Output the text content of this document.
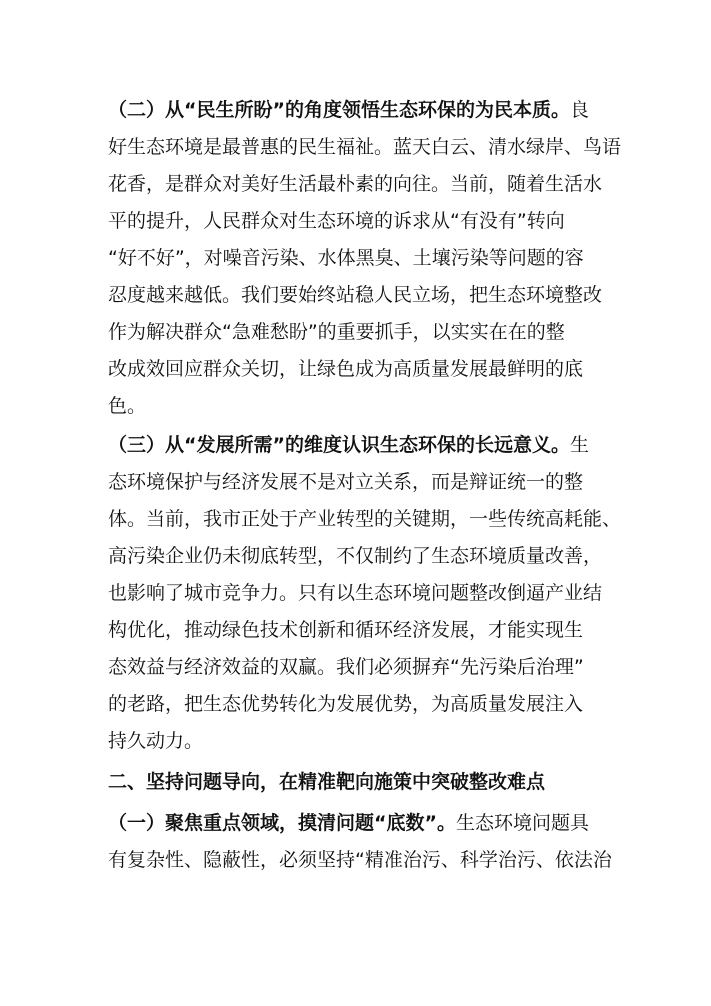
（二）从“民生所盼”的角度领悟生态环保的为民本质。良
好生态环境是最普惠的民生福祉。蓝天白云、清水绿岸、鸟语
花香，是群众对美好生活最朴素的向往。当前，随着生活水
平的提升，人民群众对生态环境的诉求从“有没有”转向
“好不好”，对噪音污染、水体黑臭、土壤污染等问题的容
忍度越来越低。我们要始终站稳人民立场，把生态环境整改
作为解决群众“急难愁盼”的重要抓手，以实实在在的整
改成效回应群众关切，让绿色成为高质量发展最鲜明的底
色。
（三）从“发展所需”的维度认识生态环保的长远意义。生
态环境保护与经济发展不是对立关系，而是辩证统一的整
体。当前，我市正处于产业转型的关键期，一些传统高耗能、
高污染企业仍未彻底转型，不仅制约了生态环境质量改善，
也影响了城市竞争力。只有以生态环境问题整改倒逼产业结
构优化，推动绿色技术创新和循环经济发展，才能实现生
态效益与经济效益的双赢。我们必须摒弃“先污染后治理”
的老路，把生态优势转化为发展优势，为高质量发展注入
持久动力。
二、坚持问题导向，在精准靶向施策中突破整改难点
（一）聚焦重点领域，摸清问题“底数”。生态环境问题具
有复杂性、隐蔽性，必须坚持“精准治污、科学治污、依法治
